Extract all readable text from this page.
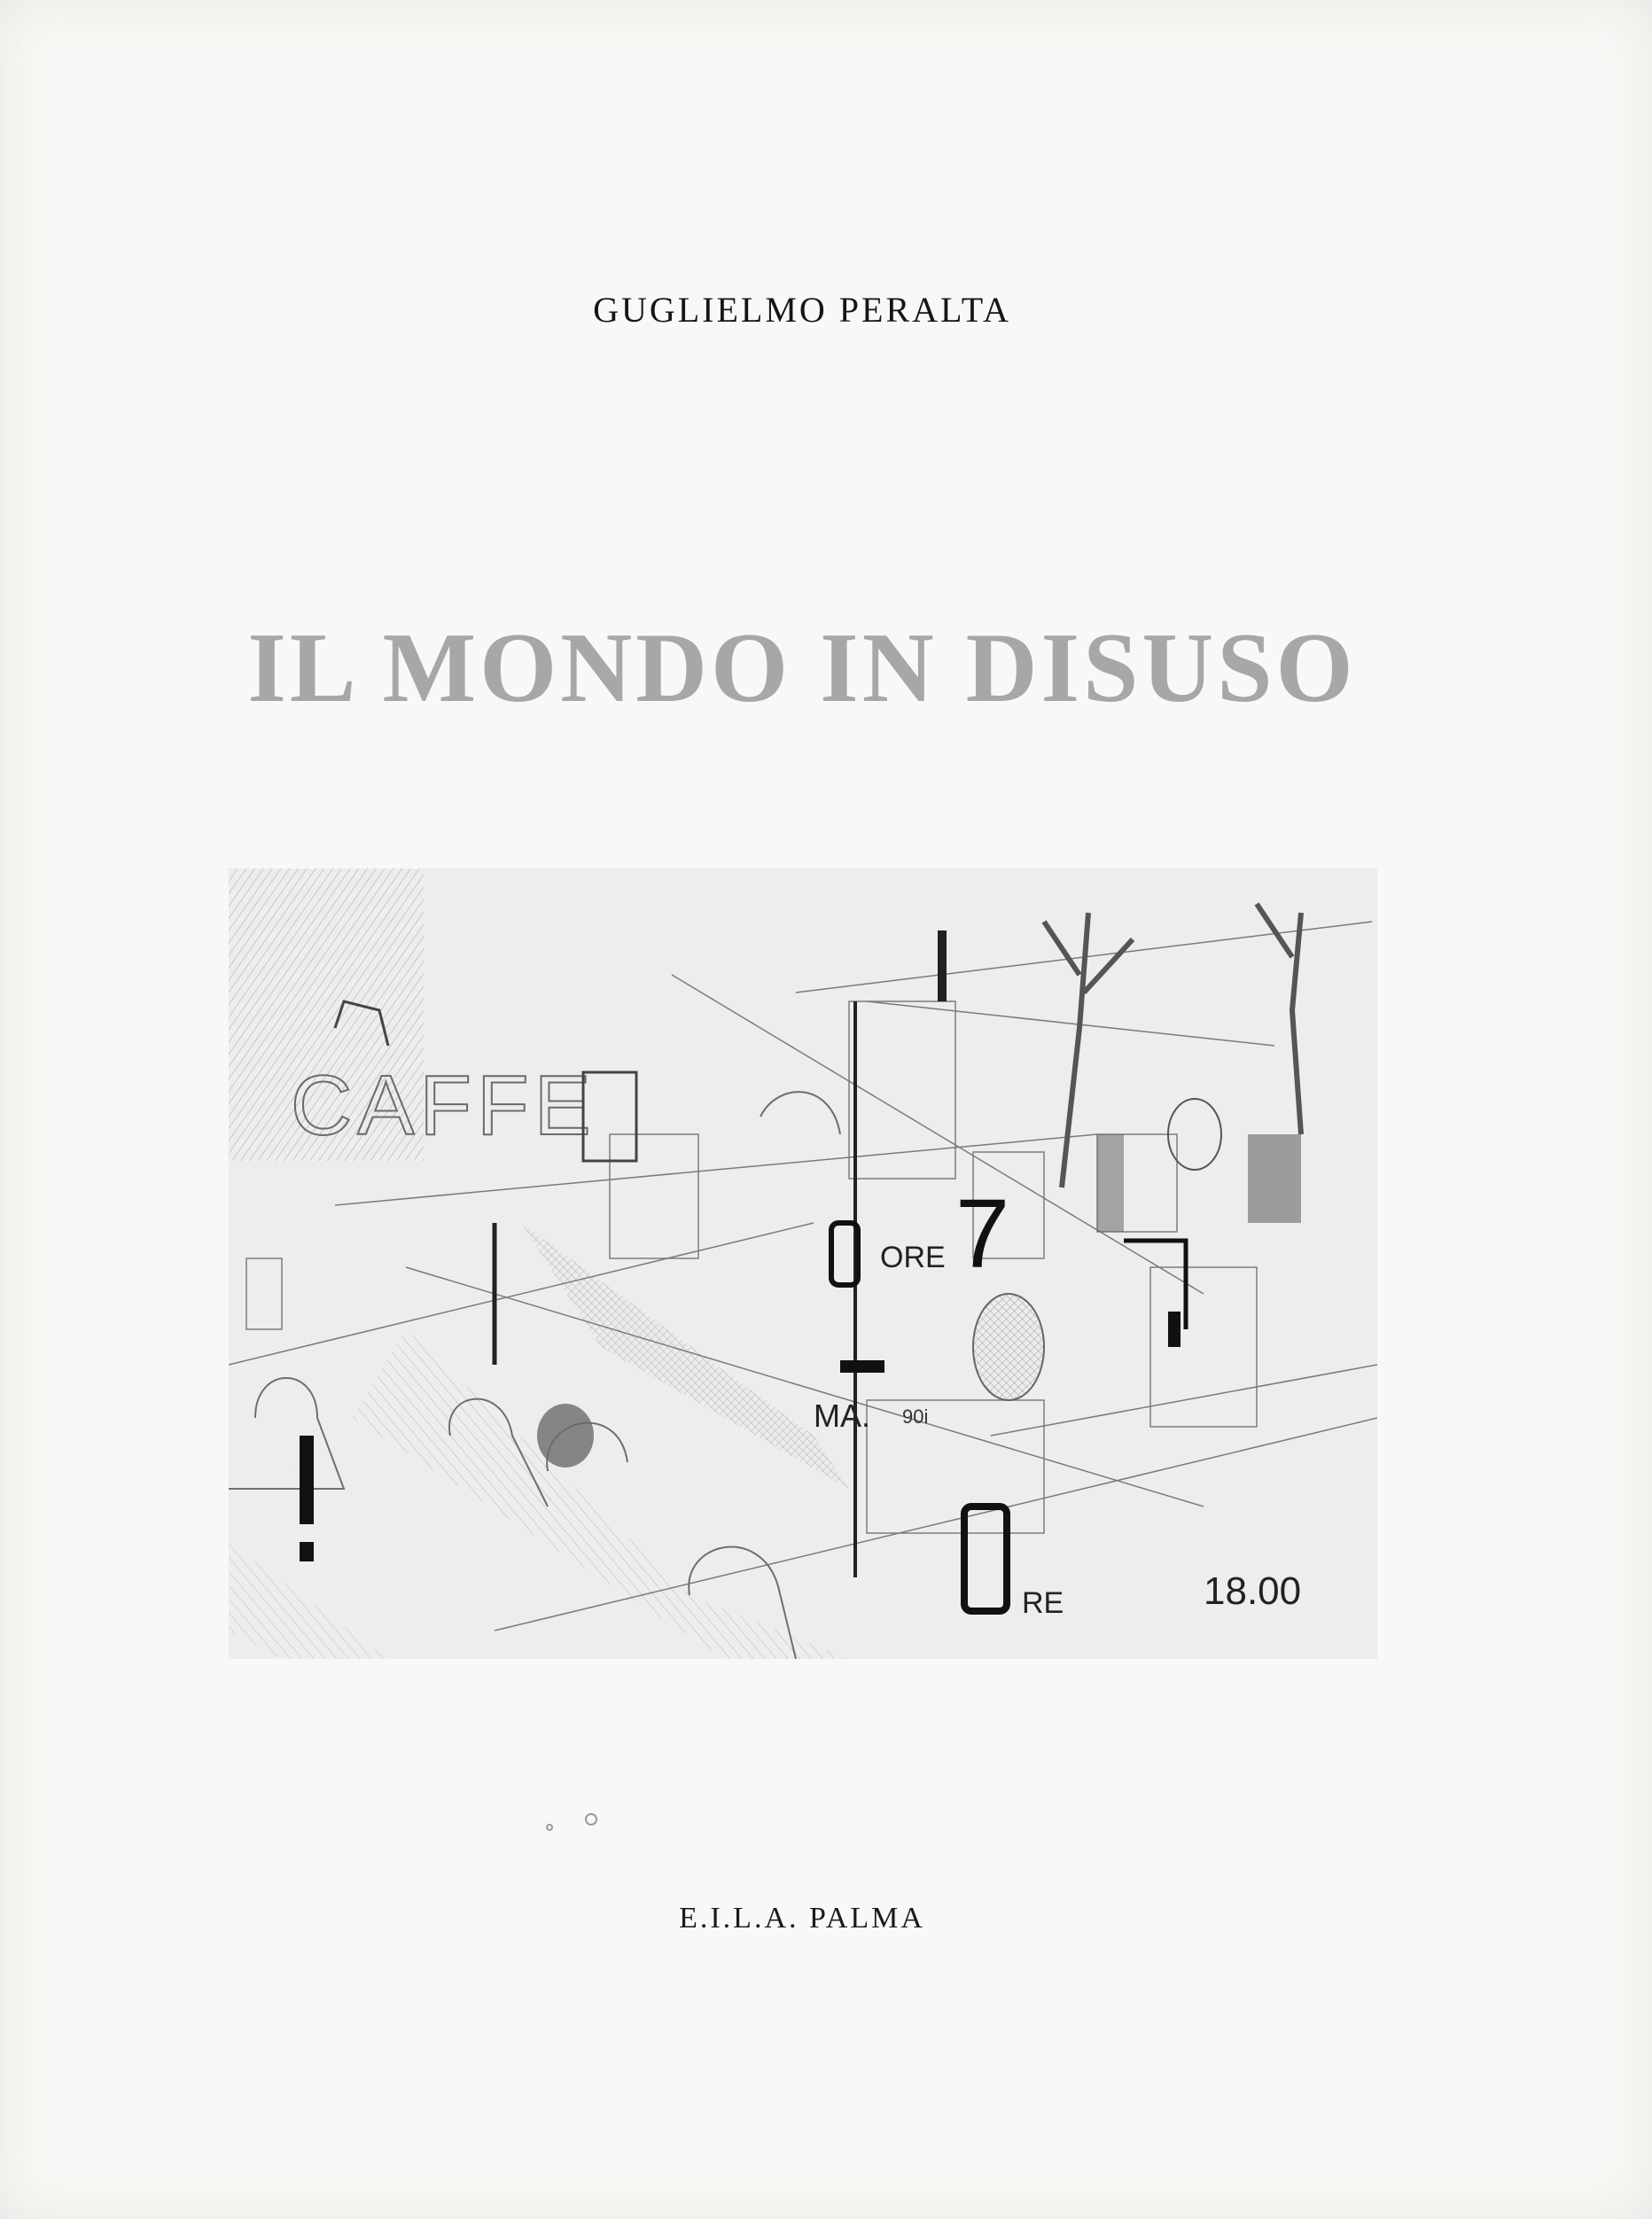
GUGLIELMO PERALTA
IL MONDO IN DISUSO
!
CAFFE
ORE 7
MA. 90i
RE	18.00
E.I.L.A. PALMA
